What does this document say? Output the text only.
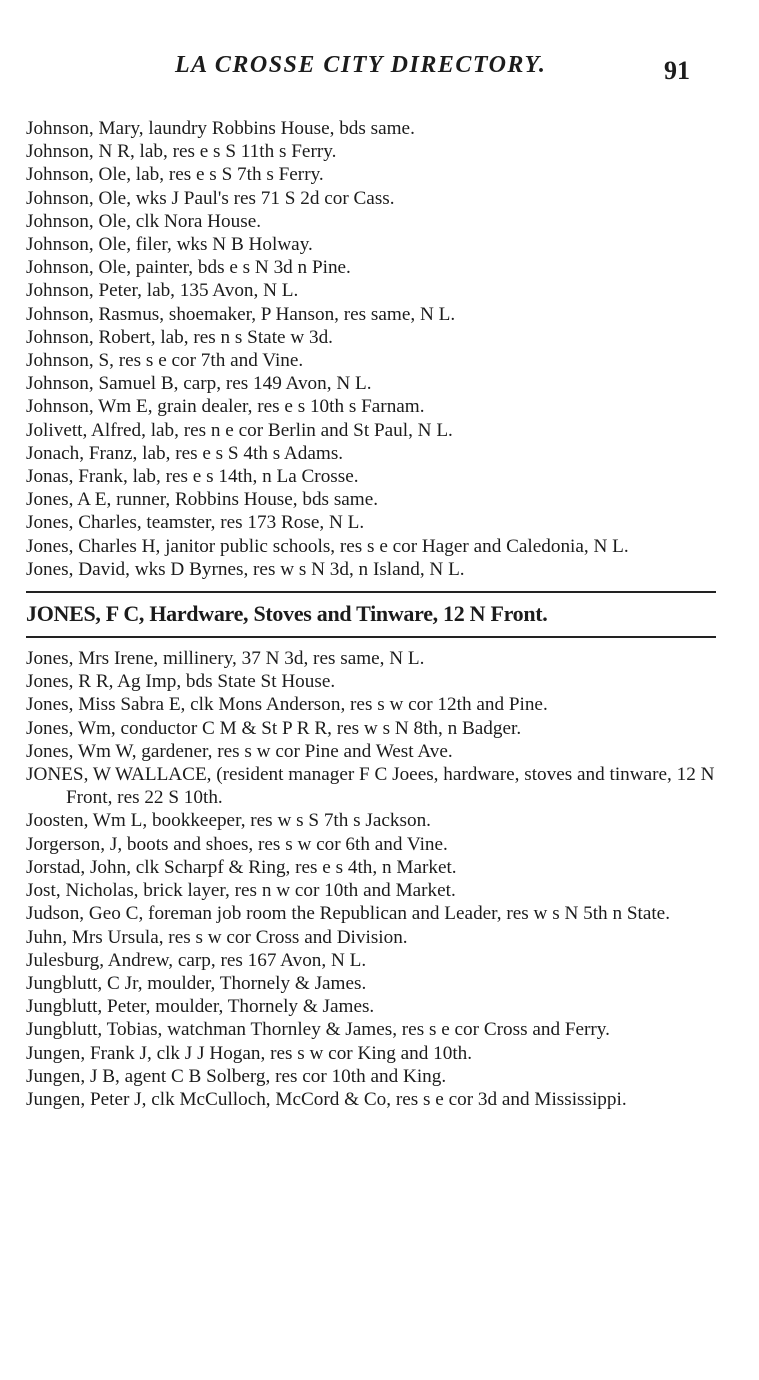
LA CROSSE CITY DIRECTORY.	91
Johnson, Mary, laundry Robbins House, bds same.
Johnson, N R, lab, res e s S 11th s Ferry.
Johnson, Ole, lab, res e s S 7th s Ferry.
Johnson, Ole, wks J Paul's res 71 S 2d cor Cass.
Johnson, Ole, clk Nora House.
Johnson, Ole, filer, wks N B Holway.
Johnson, Ole, painter, bds e s N 3d n Pine.
Johnson, Peter, lab, 135 Avon, N L.
Johnson, Rasmus, shoemaker, P Hanson, res same, N L.
Johnson, Robert, lab, res n s State w 3d.
Johnson, S, res s e cor 7th and Vine.
Johnson, Samuel B, carp, res 149 Avon, N L.
Johnson, Wm E, grain dealer, res e s 10th s Farnam.
Jolivett, Alfred, lab, res n e cor Berlin and St Paul, N L.
Jonach, Franz, lab, res e s S 4th s Adams.
Jonas, Frank, lab, res e s 14th, n La Crosse.
Jones, A E, runner, Robbins House, bds same.
Jones, Charles, teamster, res 173 Rose, N L.
Jones, Charles H, janitor public schools, res s e cor Hager and Caledonia, N L.
Jones, David, wks D Byrnes, res w s N 3d, n Island, N L.
JONES, F C, Hardware, Stoves and Tinware, 12 N Front.
Jones, Mrs Irene, millinery, 37 N 3d, res same, N L.
Jones, R R, Ag Imp, bds State St House.
Jones, Miss Sabra E, clk Mons Anderson, res s w cor 12th and Pine.
Jones, Wm, conductor C M & St P R R, res w s N 8th, n Badger.
Jones, Wm W, gardener, res s w cor Pine and West Ave.
JONES, W WALLACE, (resident manager F C Joees, hardware, stoves and tinware, 12 N Front, res 22 S 10th.
Joosten, Wm L, bookkeeper, res w s S 7th s Jackson.
Jorgerson, J, boots and shoes, res s w cor 6th and Vine.
Jorstad, John, clk Scharpf & Ring, res e s 4th, n Market.
Jost, Nicholas, brick layer, res n w cor 10th and Market.
Judson, Geo C, foreman job room the Republican and Leader, res w s N 5th n State.
Juhn, Mrs Ursula, res s w cor Cross and Division.
Julesburg, Andrew, carp, res 167 Avon, N L.
Jungblutt, C Jr, moulder, Thornely & James.
Jungblutt, Peter, moulder, Thornely & James.
Jungblutt, Tobias, watchman Thornley & James, res s e cor Cross and Ferry.
Jungen, Frank J, clk J J Hogan, res s w cor King and 10th.
Jungen, J B, agent C B Solberg, res cor 10th and King.
Jungen, Peter J, clk McCulloch, McCord & Co, res s e cor 3d and Mississippi.
